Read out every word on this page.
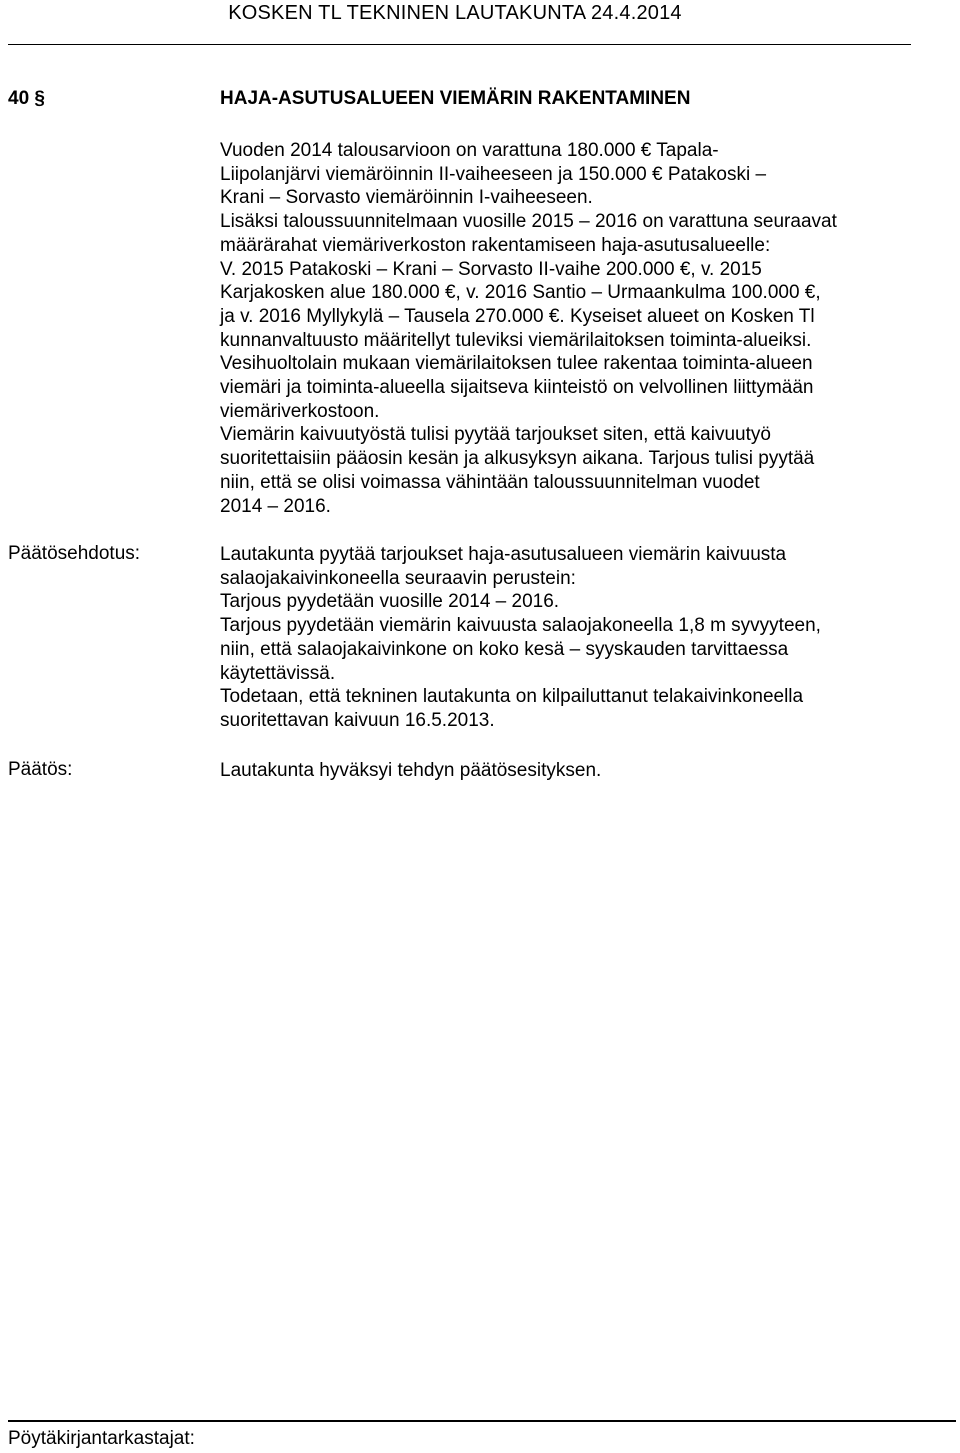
KOSKEN TL TEKNINEN LAUTAKUNTA 24.4.2014
40 §	HAJA-ASUTUSALUEEN VIEMÄRIN RAKENTAMINEN

Vuoden 2014 talousarvioon on varattuna 180.000 € Tapala-

Liipolanjärvi viemäröinnin II-vaiheeseen ja 150.000 € Patakoski –

Krani – Sorvasto viemäröinnin I-vaiheeseen.

Lisäksi taloussuunnitelmaan vuosille 2015 – 2016 on varattuna seuraavat

määrärahat viemäriverkoston rakentamiseen haja-asutusalueelle:

V. 2015 Patakoski – Krani – Sorvasto II-vaihe 200.000 €, v. 2015

Karjakosken alue 180.000 €, v. 2016 Santio – Urmaankulma 100.000 €,

ja v. 2016 Myllykylä – Tausela 270.000 €. Kyseiset alueet on Kosken Tl

kunnanvaltuusto määritellyt tuleviksi viemärilaitoksen toiminta-alueiksi.

Vesihuoltolain mukaan viemärilaitoksen tulee rakentaa toiminta-alueen

viemäri ja toiminta-alueella sijaitseva kiinteistö on velvollinen liittymään

viemäriverkostoon.

Viemärin kaivuutyöstä tulisi pyytää tarjoukset siten, että kaivuutyö

suoritettaisiin pääosin kesän ja alkusyksyn aikana. Tarjous tulisi pyytää

niin, että se olisi voimassa vähintään taloussuunnitelman vuodet

2014 – 2016.

Päätösehdotus:	Lautakunta pyytää tarjoukset haja-asutusalueen viemärin kaivuusta

salaojakaivinkoneella seuraavin perustein:

Tarjous pyydetään vuosille 2014 – 2016.

Tarjous pyydetään viemärin kaivuusta salaojakoneella 1,8 m syvyyteen,

niin, että salaojakaivinkone on koko kesä – syyskauden tarvittaessa

käytettävissä.

Todetaan, että tekninen lautakunta on kilpailuttanut telakaivinkoneella

suoritettavan kaivuun 16.5.2013.

Päätös:	Lautakunta hyväksyi tehdyn päätösesityksen.

Pöytäkirjantarkastajat:
